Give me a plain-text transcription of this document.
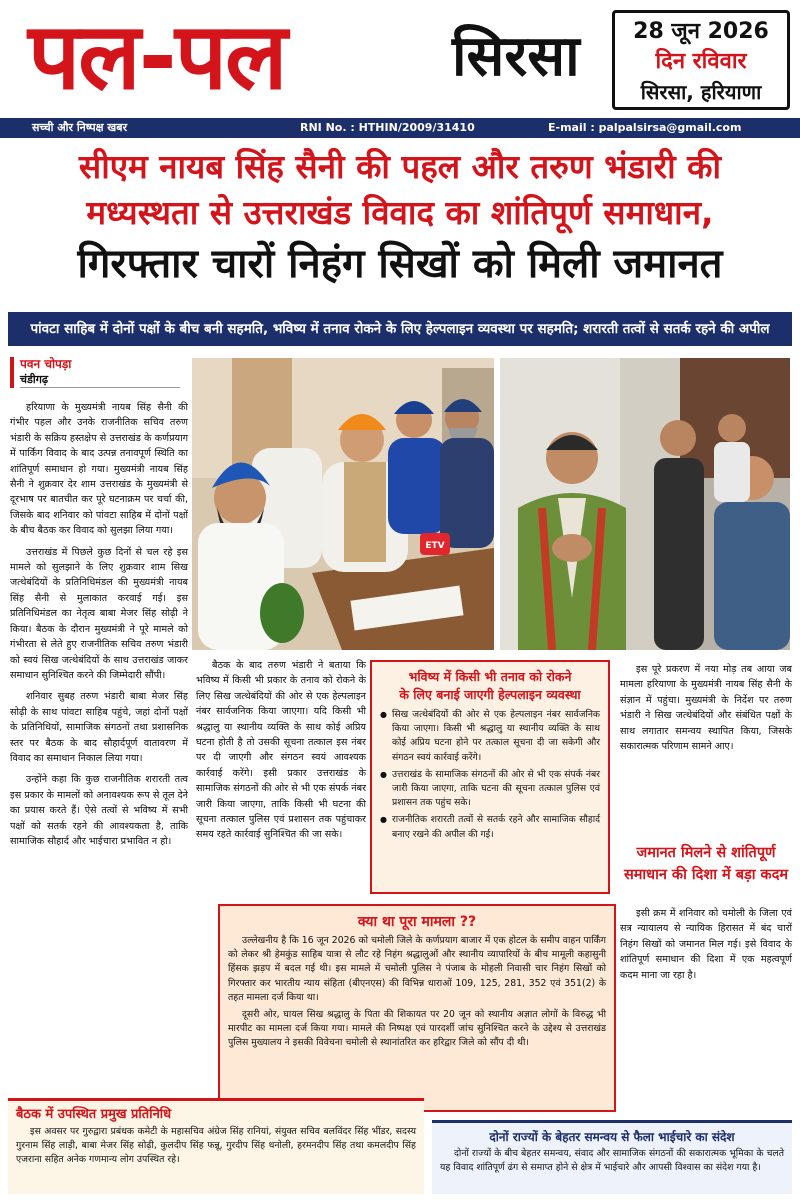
पल-पल	सिरसा	28 जून 2026
दिन रविवार
सिरसा, हरियाणा
सच्ची और निष्पक्ष खबर	RNI No. : HTHIN/2009/31410	E-mail : palpalsirsa@gmail.com
सीएम नायब सिंह सैनी की पहल और तरुण भंडारी की
मध्यस्थता से उत्तराखंड विवाद का शांतिपूर्ण समाधान,
गिरफ्तार चारों निहंग सिखों को मिली जमानत
पांवटा साहिब में दोनों पक्षों के बीच बनी सहमति, भविष्य में तनाव रोकने के लिए हेल्पलाइन व्यवस्था पर सहमति; शरारती तत्वों से सतर्क रहने की अपील
पवन चोपड़ा
चंडीगढ़

हरियाणा के मुख्यमंत्री नायब सिंह सैनी की गंभीर पहल और उनके राजनीतिक सचिव तरुण भंडारी के सक्रिय हस्तक्षेप से उत्तराखंड के कर्णप्रयाग में पार्किंग विवाद के बाद उत्पन्न तनावपूर्ण स्थिति का शांतिपूर्ण समाधान हो गया। मुख्यमंत्री नायब सिंह सैनी ने शुक्रवार देर शाम उत्तराखंड के मुख्यमंत्री से दूरभाष पर बातचीत कर पूरे घटनाक्रम पर चर्चा की, जिसके बाद शनिवार को पांवटा साहिब में दोनों पक्षों के बीच बैठक कर विवाद को सुलझा लिया गया।

उत्तराखंड में पिछले कुछ दिनों से चल रहे इस मामले को सुलझाने के लिए शुक्रवार शाम सिख जत्थेबंदियों के प्रतिनिधिमंडल की मुख्यमंत्री नायब सिंह सैनी से मुलाकात करवाई गई। इस प्रतिनिधिमंडल का नेतृत्व बाबा मेजर सिंह सोढ़ी ने किया। बैठक के दौरान मुख्यमंत्री ने पूरे मामले को गंभीरता से लेते हुए राजनीतिक सचिव तरुण भंडारी को स्वयं सिख जत्थेबंदियों के साथ उत्तराखंड जाकर समाधान सुनिश्चित करने की जिम्मेदारी सौंपी।

शनिवार सुबह तरुण भंडारी बाबा मेजर सिंह सोढ़ी के साथ पांवटा साहिब पहुंचे, जहां दोनों पक्षों के प्रतिनिधियों, सामाजिक संगठनों तथा प्रशासनिक स्तर पर बैठक के बाद सौहार्दपूर्ण वातावरण में विवाद का समाधान निकाल लिया गया।

उन्होंने कहा कि कुछ राजनीतिक शरारती तत्व इस प्रकार के मामलों को अनावश्यक रूप से तूल देने का प्रयास करते हैं। ऐसे तत्वों से भविष्य में सभी पक्षों को सतर्क रहने की आवश्यकता है, ताकि सामाजिक सौहार्द और भाईचारा प्रभावित न हो।

ETV

बैठक के बाद तरुण भंडारी ने बताया कि भविष्य में किसी भी प्रकार के तनाव को रोकने के लिए सिख जत्थेबंदियों की ओर से एक हेल्पलाइन नंबर सार्वजनिक किया जाएगा। यदि किसी भी श्रद्धालु या स्थानीय व्यक्ति के साथ कोई अप्रिय घटना होती है तो उसकी सूचना तत्काल इस नंबर पर दी जाएगी और संगठन स्वयं आवश्यक कार्रवाई करेंगे। इसी प्रकार उत्तराखंड के सामाजिक संगठनों की ओर से भी एक संपर्क नंबर जारी किया जाएगा, ताकि किसी भी घटना की सूचना तत्काल पुलिस एवं प्रशासन तक पहुंचाकर समय रहते कार्रवाई सुनिश्चित की जा सके।

भविष्य में किसी भी तनाव को रोकने
के लिए बनाई जाएगी हेल्पलाइन व्यवस्था
● सिख जत्थेबंदियों की ओर से एक हेल्पलाइन नंबर सार्वजनिक किया जाएगा। किसी भी श्रद्धालु या स्थानीय व्यक्ति के साथ कोई अप्रिय घटना होने पर तत्काल सूचना दी जा सकेगी और संगठन स्वयं कार्रवाई करेंगे।
● उत्तराखंड के सामाजिक संगठनों की ओर से भी एक संपर्क नंबर जारी किया जाएगा, ताकि घटना की सूचना तत्काल पुलिस एवं प्रशासन तक पहुंच सके।
● राजनीतिक शरारती तत्वों से सतर्क रहने और सामाजिक सौहार्द बनाए रखने की अपील की गई।

इस पूरे प्रकरण में नया मोड़ तब आया जब मामला हरियाणा के मुख्यमंत्री नायब सिंह सैनी के संज्ञान में पहुंचा। मुख्यमंत्री के निर्देश पर तरुण भंडारी ने सिख जत्थेबंदियों और संबंधित पक्षों के साथ लगातार समन्वय स्थापित किया, जिसके सकारात्मक परिणाम सामने आए।

जमानत मिलने से शांतिपूर्ण
समाधान की दिशा में बड़ा कदम

इसी क्रम में शनिवार को चमोली के जिला एवं सत्र न्यायालय से न्यायिक हिरासत में बंद चारों निहंग सिखों को जमानत मिल गई। इसे विवाद के शांतिपूर्ण समाधान की दिशा में एक महत्वपूर्ण कदम माना जा रहा है।

क्या था पूरा मामला ??
उल्लेखनीय है कि 16 जून 2026 को चमोली जिले के कर्णप्रयाग बाजार में एक होटल के समीप वाहन पार्किंग को लेकर श्री हेमकुंड साहिब यात्रा से लौट रहे निहंग श्रद्धालुओं और स्थानीय व्यापारियों के बीच मामूली कहासुनी हिंसक झड़प में बदल गई थी। इस मामले में चमोली पुलिस ने पंजाब के मोहली निवासी चार निहंग सिखों को गिरफ्तार कर भारतीय न्याय संहिता (बीएनएस) की विभिन्न धाराओं 109, 125, 281, 352 एवं 351(2) के तहत मामला दर्ज किया था।
दूसरी ओर, घायल सिख श्रद्धालु के पिता की शिकायत पर 20 जून को स्थानीय अज्ञात लोगों के विरुद्ध भी मारपीट का मामला दर्ज किया गया। मामले की निष्पक्ष एवं पारदर्शी जांच सुनिश्चित करने के उद्देश्य से उत्तराखंड पुलिस मुख्यालय ने इसकी विवेचना चमोली से स्थानांतरित कर हरिद्वार जिले को सौंप दी थी।
बैठक में उपस्थित प्रमुख प्रतिनिधि
इस अवसर पर गुरुद्वारा प्रबंधक कमेटी के महासचिव अंग्रेज सिंह रानियां, संयुक्त सचिव बलविंदर सिंह भींडर, सदस्य गुरनाम सिंह लाड़ी, बाबा मेजर सिंह सोढ़ी, कुलदीप सिंह फन्नू, गुरदीप सिंह धनोली, हरमनदीप सिंह तथा कमलदीप सिंह एजराना सहित अनेक गणमान्य लोग उपस्थित रहे।
दोनों राज्यों के बेहतर समन्वय से फैला भाईचारे का संदेश
दोनों राज्यों के बीच बेहतर समन्वय, संवाद और सामाजिक संगठनों की सकारात्मक भूमिका के चलते यह विवाद शांतिपूर्ण ढंग से समाप्त होने से क्षेत्र में भाईचारे और आपसी विश्वास का संदेश गया है।
